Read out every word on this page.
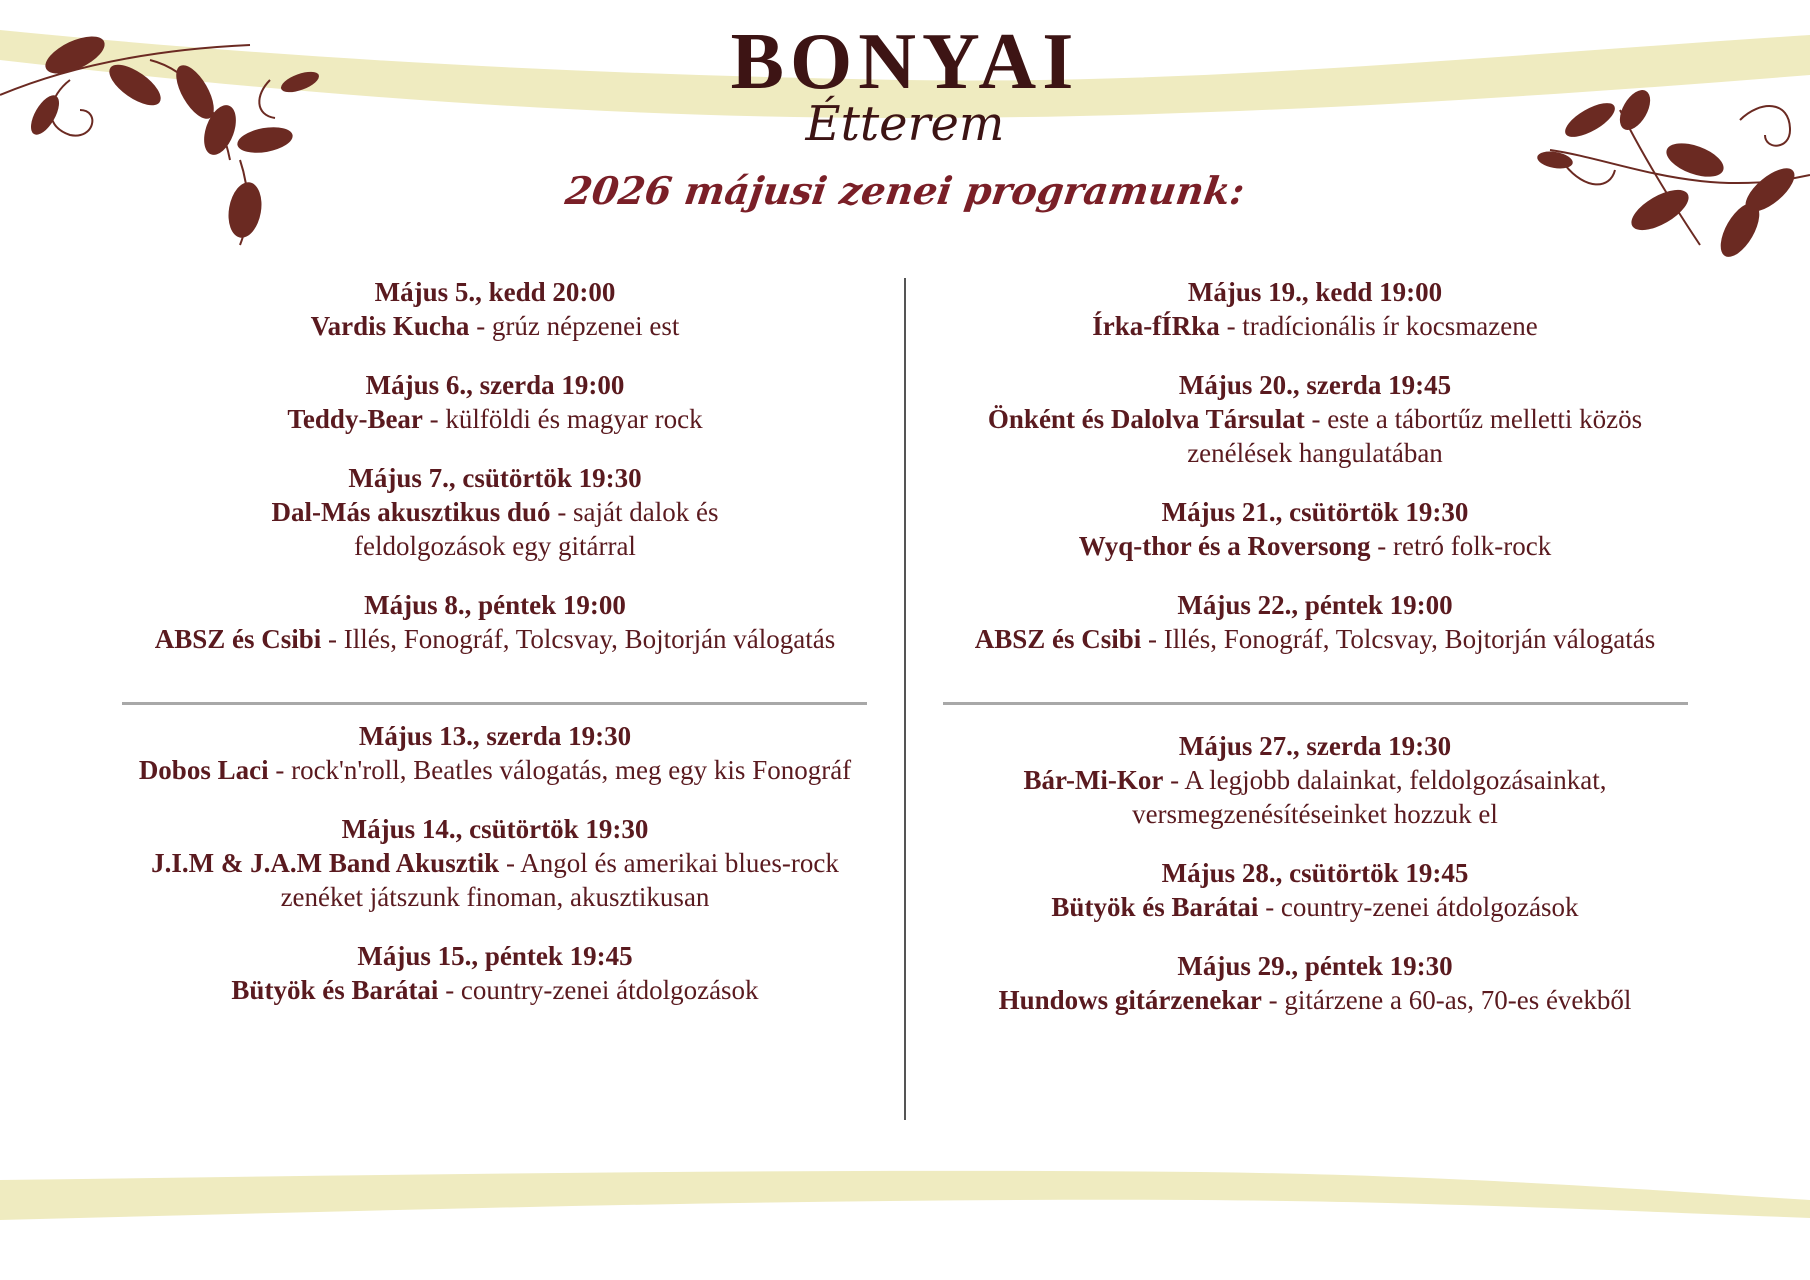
BONYAI
Étterem
2026 májusi zenei programunk:
Május 5., kedd 20:00
Vardis Kucha - grúz népzenei est
Május 6., szerda 19:00
Teddy-Bear - külföldi és magyar rock
Május 7., csütörtök 19:30
Dal-Más akusztikus duó - saját dalok és feldolgozások egy gitárral
Május 8., péntek 19:00
ABSZ és Csibi - Illés, Fonográf, Tolcsvay, Bojtorján válogatás
Május 13., szerda 19:30
Dobos Laci - rock'n'roll, Beatles válogatás, meg egy kis Fonográf
Május 14., csütörtök 19:30
J.I.M & J.A.M Band Akusztik - Angol és amerikai blues-rock zenéket játszunk finoman, akusztikusan
Május 15., péntek 19:45
Bütyök és Barátai - country-zenei átdolgozások
Május 19., kedd 19:00
Írka-fÍRka - tradícionális ír kocsmazene
Május 20., szerda 19:45
Önként és Dalolva Társulat - este a tábortűz melletti közös zenélések hangulatában
Május 21., csütörtök 19:30
Wyq-thor és a Roversong - retró folk-rock
Május 22., péntek 19:00
ABSZ és Csibi - Illés, Fonográf, Tolcsvay, Bojtorján válogatás
Május 27., szerda 19:30
Bár-Mi-Kor - A legjobb dalainkat, feldolgozásainkat, versmegzenésítéseinket hozzuk el
Május 28., csütörtök 19:45
Bütyök és Barátai - country-zenei átdolgozások
Május 29., péntek 19:30
Hundows gitárzenekar - gitárzene a 60-as, 70-es évekből
